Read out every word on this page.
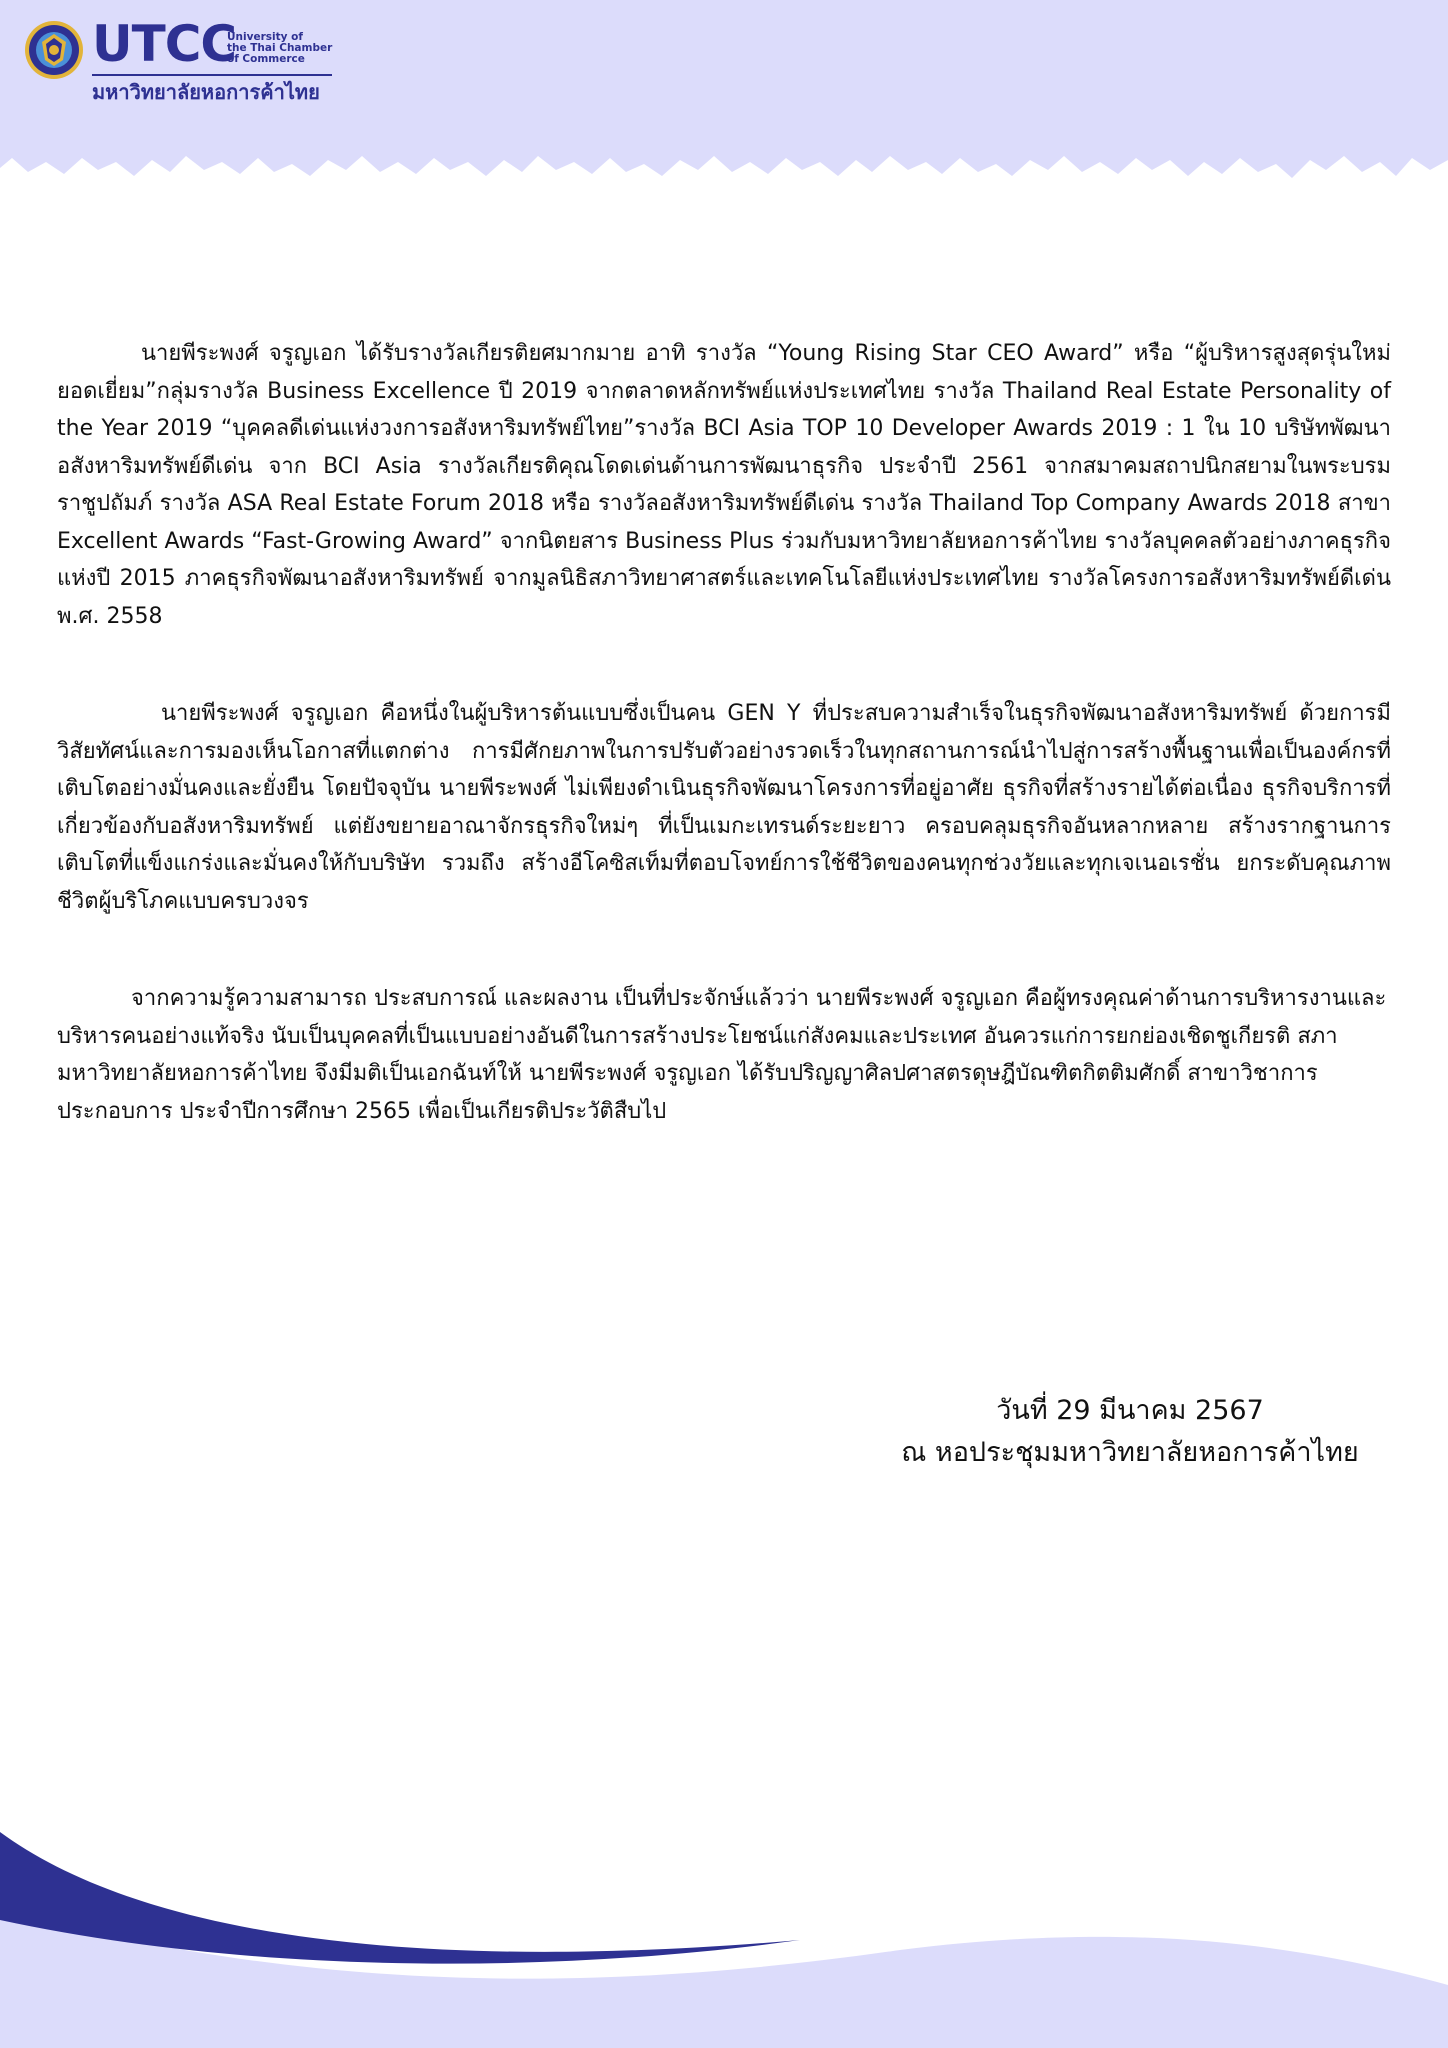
UTCC
University of
the Thai Chamber
of Commerce
มหาวิทยาลัยหอการค้าไทย

นายพีระพงศ์ จรูญเอก ได้รับรางวัลเกียรติยศมากมาย อาทิ รางวัล “Young Rising Star CEO Award” หรือ “ผู้บริหารสูงสุดรุ่นใหม่ยอดเยี่ยม”กลุ่มรางวัล Business Excellence ปี 2019 จากตลาดหลักทรัพย์แห่งประเทศไทย รางวัล Thailand Real Estate Personality of the Year 2019 “บุคคลดีเด่นแห่งวงการอสังหาริมทรัพย์ไทย”รางวัล BCI Asia TOP 10 Developer Awards 2019 : 1 ใน 10 บริษัทพัฒนาอสังหาริมทรัพย์ดีเด่น จาก BCI Asia รางวัลเกียรติคุณโดดเด่นด้านการพัฒนาธุรกิจ ประจำปี 2561 จากสมาคมสถาปนิกสยามในพระบรมราชูปถัมภ์ รางวัล ASA Real Estate Forum 2018 หรือ รางวัลอสังหาริมทรัพย์ดีเด่น รางวัล Thailand Top Company Awards 2018 สาขา Excellent Awards “Fast-Growing Award” จากนิตยสาร Business Plus ร่วมกับมหาวิทยาลัยหอการค้าไทย รางวัลบุคคลตัวอย่างภาคธุรกิจแห่งปี 2015 ภาคธุรกิจพัฒนาอสังหาริมทรัพย์ จากมูลนิธิสภาวิทยาศาสตร์และเทคโนโลยีแห่งประเทศไทย รางวัลโครงการอสังหาริมทรัพย์ดีเด่น พ.ศ. 2558

นายพีระพงศ์ จรูญเอก คือหนึ่งในผู้บริหารต้นแบบซึ่งเป็นคน GEN Y ที่ประสบความสำเร็จในธุรกิจพัฒนาอสังหาริมทรัพย์ ด้วยการมีวิสัยทัศน์และการมองเห็นโอกาสที่แตกต่าง การมีศักยภาพในการปรับตัวอย่างรวดเร็วในทุกสถานการณ์นำไปสู่การสร้างพื้นฐานเพื่อเป็นองค์กรที่เติบโตอย่างมั่นคงและยั่งยืน โดยปัจจุบัน นายพีระพงศ์ ไม่เพียงดำเนินธุรกิจพัฒนาโครงการที่อยู่อาศัย ธุรกิจที่สร้างรายได้ต่อเนื่อง ธุรกิจบริการที่เกี่ยวข้องกับอสังหาริมทรัพย์ แต่ยังขยายอาณาจักรธุรกิจใหม่ๆ ที่เป็นเมกะเทรนด์ระยะยาว ครอบคลุมธุรกิจอันหลากหลาย สร้างรากฐานการเติบโตที่แข็งแกร่งและมั่นคงให้กับบริษัท รวมถึง สร้างอีโคซิสเท็มที่ตอบโจทย์การใช้ชีวิตของคนทุกช่วงวัยและทุกเจเนอเรชั่น ยกระดับคุณภาพชีวิตผู้บริโภคแบบครบวงจร

จากความรู้ความสามารถ ประสบการณ์ และผลงาน เป็นที่ประจักษ์แล้วว่า นายพีระพงศ์ จรูญเอก คือผู้ทรงคุณค่าด้านการบริหารงานและบริหารคนอย่างแท้จริง นับเป็นบุคคลที่เป็นแบบอย่างอันดีในการสร้างประโยชน์แก่สังคมและประเทศ อันควรแก่การยกย่องเชิดชูเกียรติ สภามหาวิทยาลัยหอการค้าไทย จึงมีมติเป็นเอกฉันท์ให้ นายพีระพงศ์ จรูญเอก ได้รับปริญญาศิลปศาสตรดุษฎีบัณฑิตกิตติมศักดิ์ สาขาวิชาการประกอบการ ประจำปีการศึกษา 2565 เพื่อเป็นเกียรติประวัติสืบไป

วันที่ 29 มีนาคม 2567
ณ หอประชุมมหาวิทยาลัยหอการค้าไทย
